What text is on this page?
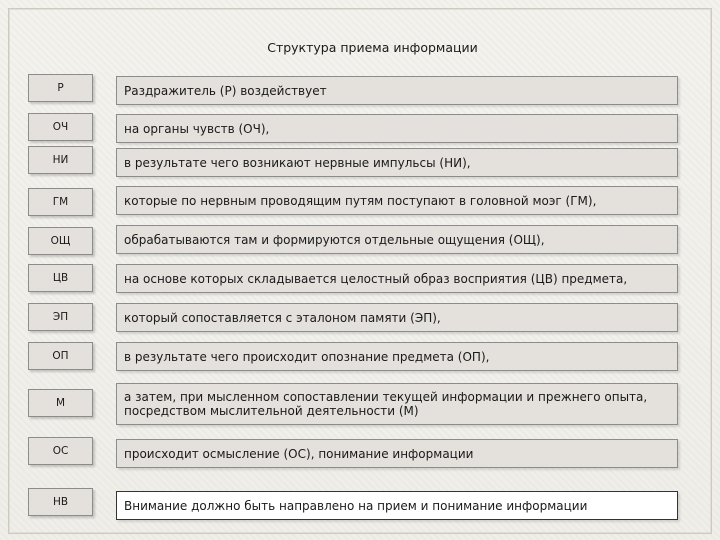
Структура приема информации
Р	Раздражитель (Р) воздействует
ОЧ	на органы чувств (ОЧ),
НИ	в результате чего возникают нервные импульсы (НИ),
ГМ	которые по нервным проводящим путям поступают в головной моэг (ГМ),
ОЩ	обрабатываются там и формируются отдельные ощущения (ОЩ),
ЦВ	на основе которых складывается целостный образ восприятия (ЦВ) предмета,
ЭП	который сопоставляется с эталоном памяти (ЭП),
ОП	в результате чего происходит опознание предмета (ОП),
М	а затем, при мысленном сопоставлении текущей информации и прежнего опыта,
посредством мыслительной деятельности (М)
ОС	происходит осмысление (ОС), понимание информации
НВ	Внимание должно быть направлено на прием и понимание информации
